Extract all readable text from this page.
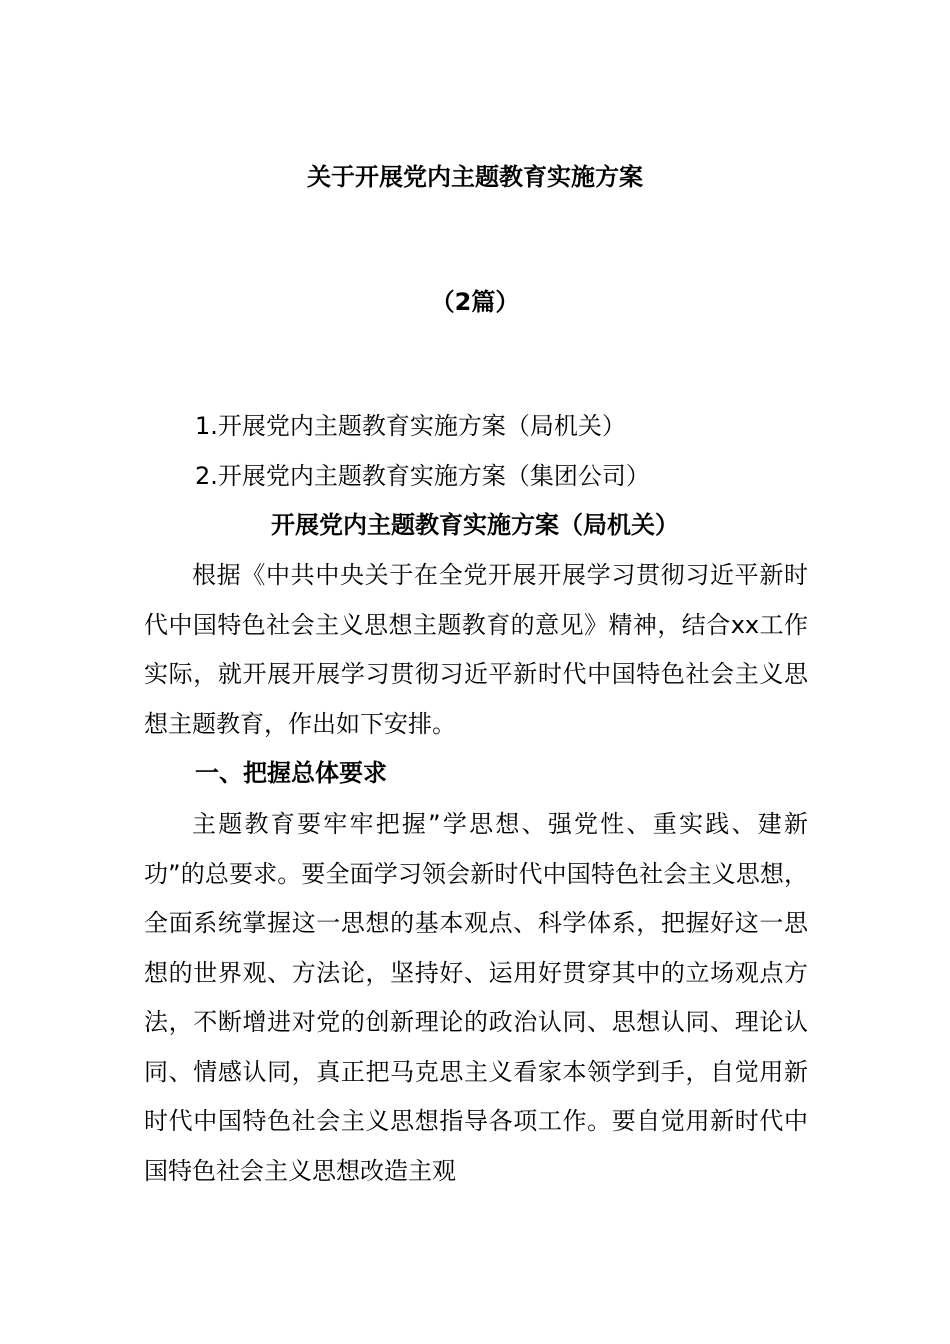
关于开展党内主题教育实施方案
（2篇）
1.开展党内主题教育实施方案（局机关）
2.开展党内主题教育实施方案（集团公司）
开展党内主题教育实施方案（局机关）

根据《中共中央关于在全党开展开展学习贯彻习近平新时代中国特色社会主义思想主题教育的意见》精神，结合xx工作实际，就开展开展学习贯彻习近平新时代中国特色社会主义思想主题教育，作出如下安排。

一、把握总体要求

主题教育要牢牢把握”学思想、强党性、重实践、建新功”的总要求。要全面学习领会新时代中国特色社会主义思想，全面系统掌握这一思想的基本观点、科学体系，把握好这一思想的世界观、方法论，坚持好、运用好贯穿其中的立场观点方法，不断增进对党的创新理论的政治认同、思想认同、理论认同、情感认同，真正把马克思主义看家本领学到手，自觉用新时代中国特色社会主义思想指导各项工作。要自觉用新时代中国特色社会主义思想改造主观
